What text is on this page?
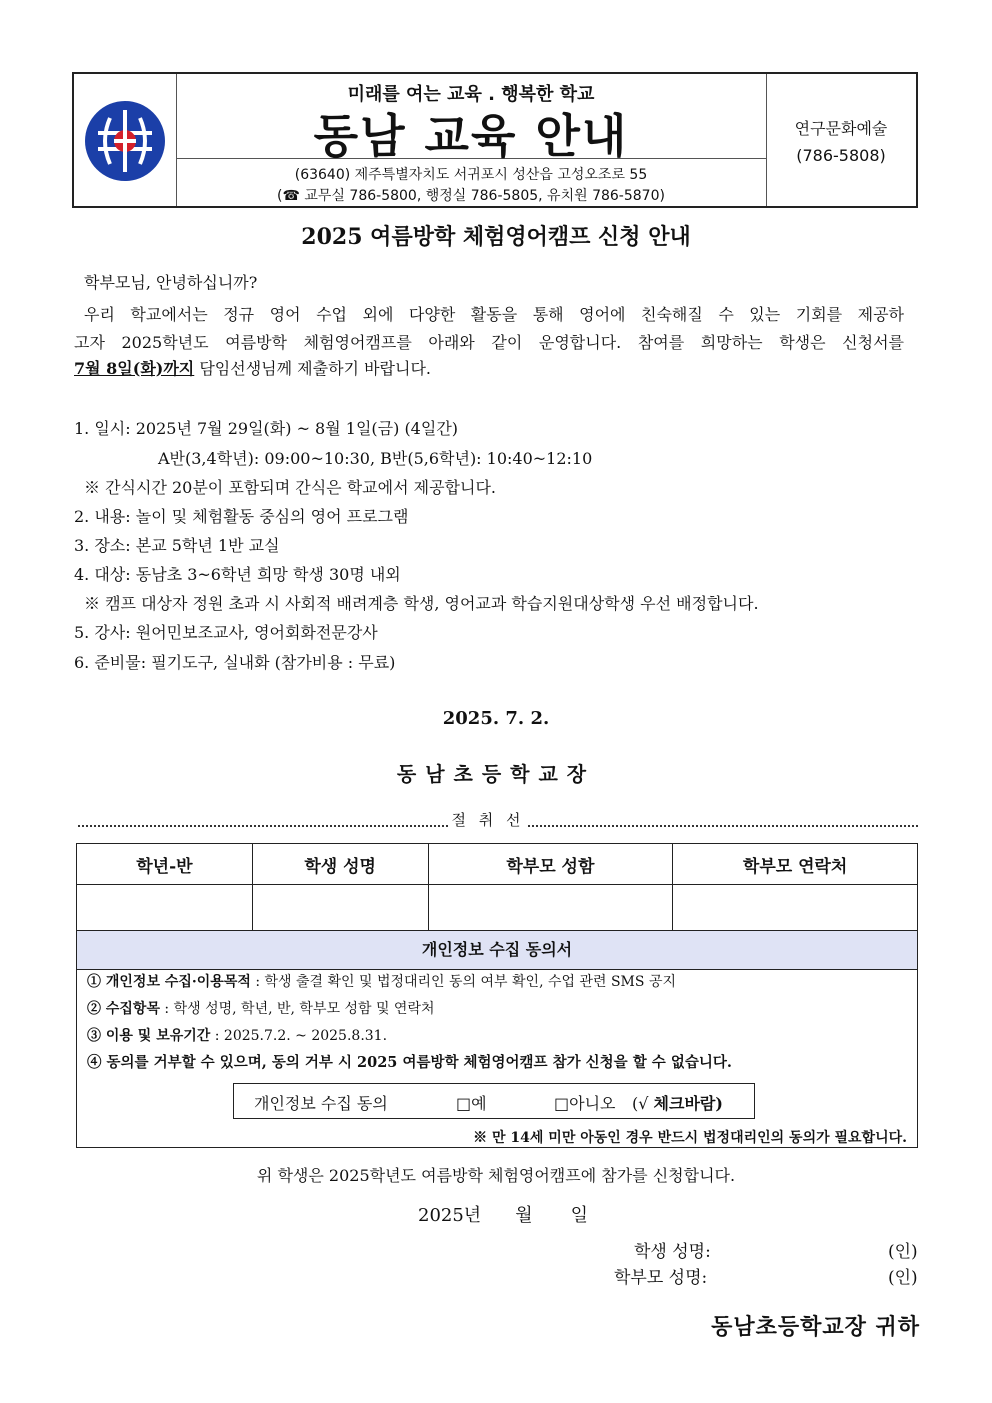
미래를 여는 교육 . 행복한 학교
동남 교육 안내
(63640) 제주특별자치도 서귀포시 성산읍 고성오조로 55
(☎ 교무실 786-5800, 행정실 786-5805, 유치원 786-5870)
연구문화예술
(786-5808)
2025 여름방학 체험영어캠프 신청 안내
학부모님, 안녕하십니까?
우리 학교에서는 정규 영어 수업 외에 다양한 활동을 통해 영어에 친숙해질 수 있는 기회를 제공하
고자 2025학년도 여름방학 체험영어캠프를 아래와 같이 운영합니다. 참여를 희망하는 학생은 신청서를
7월 8일(화)까지 담임선생님께 제출하기 바랍니다.
1. 일시: 2025년 7월 29일(화) ~ 8월 1일(금) (4일간)
A반(3,4학년): 09:00~10:30, B반(5,6학년): 10:40~12:10
※ 간식시간 20분이 포함되며 간식은 학교에서 제공합니다.
2. 내용: 놀이 및 체험활동 중심의 영어 프로그램
3. 장소: 본교 5학년 1반 교실
4. 대상: 동남초 3~6학년 희망 학생 30명 내외
※ 캠프 대상자 정원 초과 시 사회적 배려계층 학생, 영어교과 학습지원대상학생 우선 배정합니다.
5. 강사: 원어민보조교사, 영어회화전문강사
6. 준비물: 필기도구, 실내화 (참가비용 : 무료)
2025. 7. 2.
동남초등학교장
절 취 선
학년-반	학생 성명	학부모 성함	학부모 연락처

개인정보 수집 동의서
① 개인정보 수집·이용목적 : 학생 출결 확인 및 법정대리인 동의 여부 확인, 수업 관련 SMS 공지
② 수집항목 : 학생 성명, 학년, 반, 학부모 성함 및 연락처
③ 이용 및 보유기간 : 2025.7.2. ~ 2025.8.31.
④ 동의를 거부할 수 있으며, 동의 거부 시 2025 여름방학 체험영어캠프 참가 신청을 할 수 없습니다.
개인정보 수집 동의	□예	□아니오 (√ 체크바람)
※ 만 14세 미만 아동인 경우 반드시 법정대리인의 동의가 필요합니다.
위 학생은 2025학년도 여름방학 체험영어캠프에 참가를 신청합니다.
2025년 월 일
학생 성명:	(인)
학부모 성명:	(인)
동남초등학교장 귀하
